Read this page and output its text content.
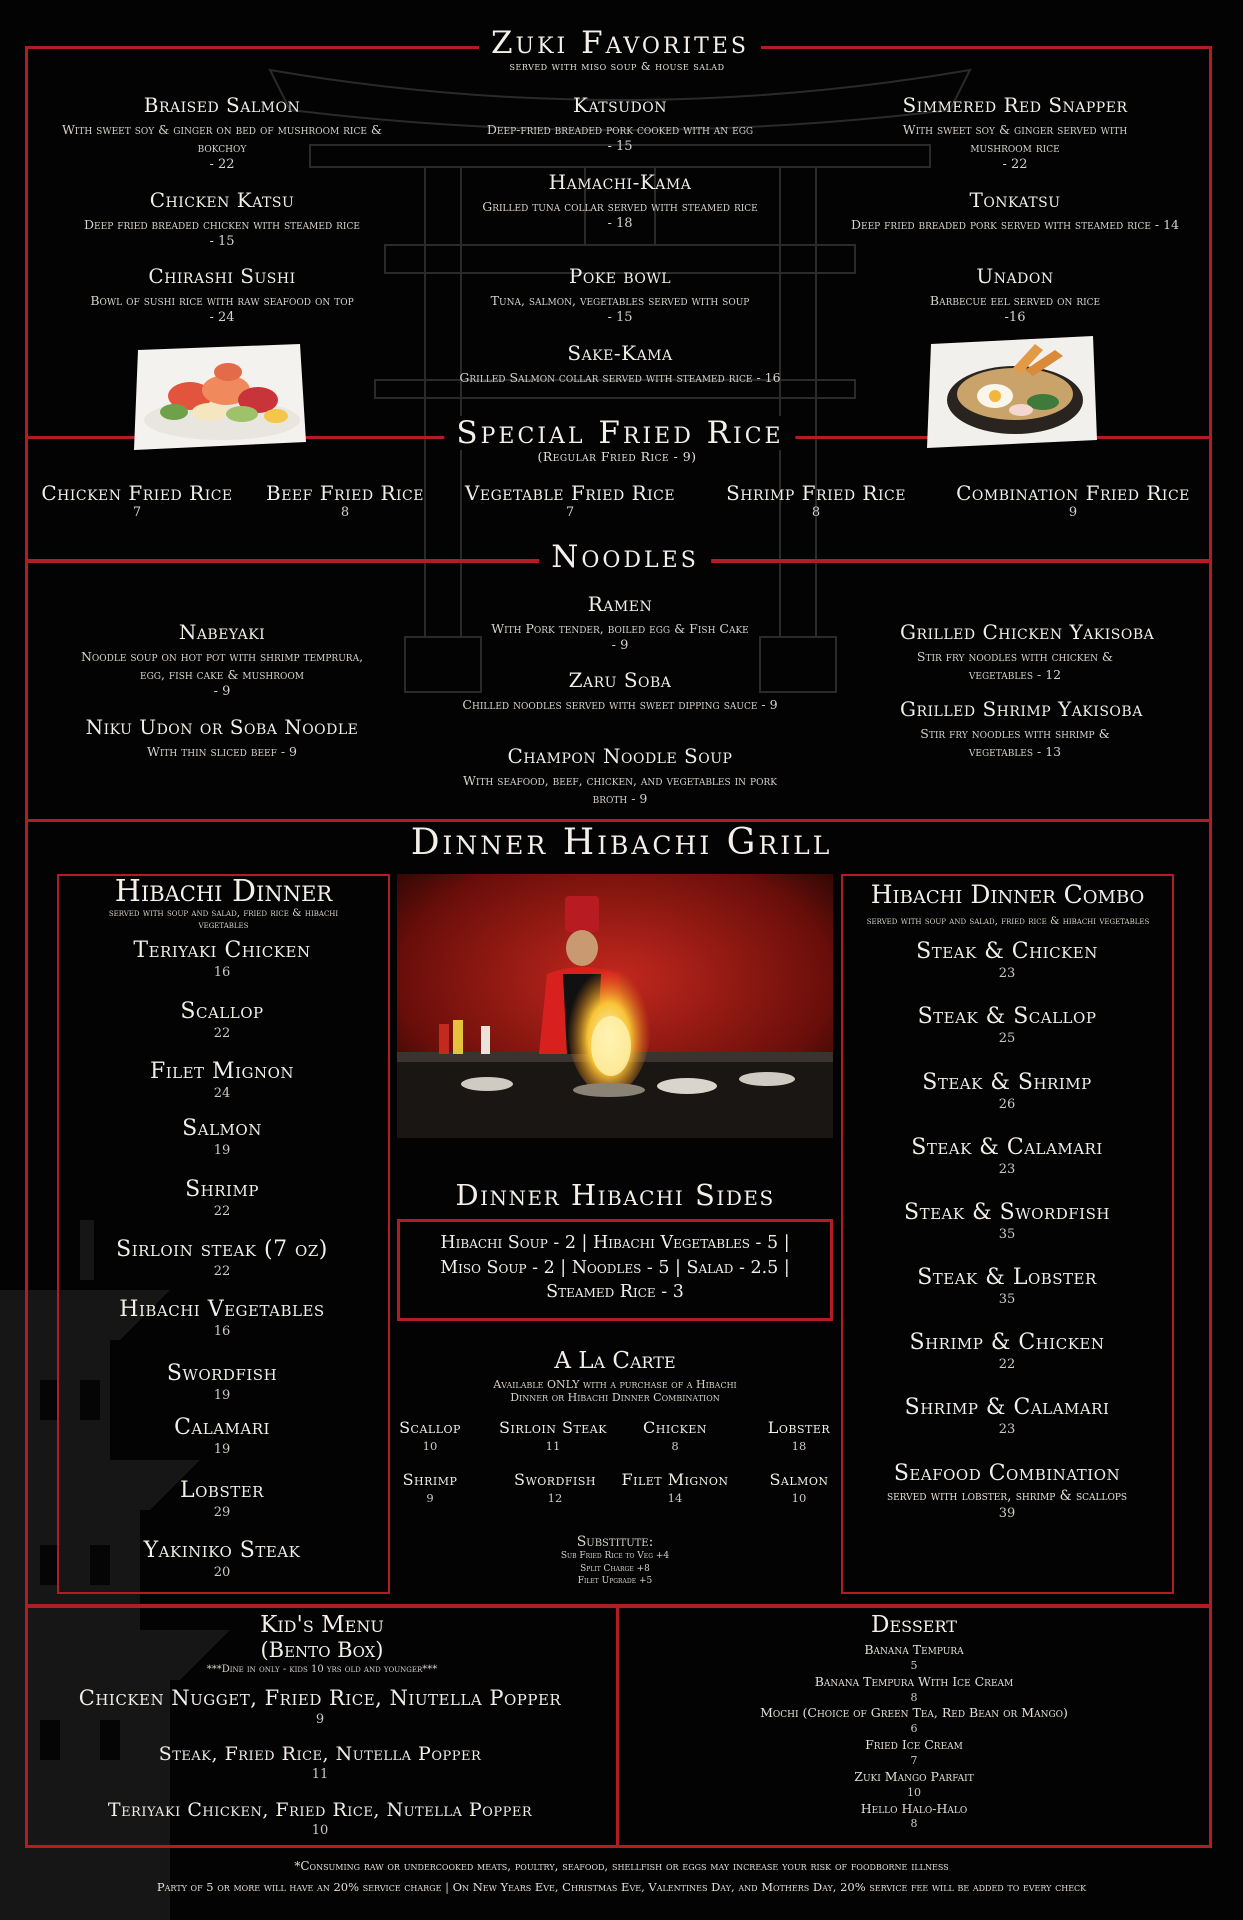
Zuki Favorites
served with miso soup & house salad
Braised Salmon
With sweet soy & ginger on bed of mushroom rice & bokchoy
- 22
Katsudon
Deep-fried breaded pork cooked with an egg
- 15
Simmered Red Snapper
With sweet soy & ginger served with mushroom rice
- 22
Hamachi-Kama
Grilled tuna collar served with steamed rice
- 18
Chicken Katsu
Deep fried breaded chicken with steamed rice
- 15
Tonkatsu
Deep fried breaded pork served with steamed rice - 14
Chirashi Sushi
Bowl of sushi rice with raw seafood on top
- 24
Poke bowl
Tuna, salmon, vegetables served with soup
- 15
Unadon
Barbecue eel served on rice
-16
Sake-Kama
Grilled Salmon collar served with steamed rice - 16
Special Fried Rice
(Regular Fried Rice - 9)
Chicken Fried Rice
7
Beef Fried Rice
8
Vegetable Fried Rice
7
Shrimp Fried Rice
8
Combination Fried Rice
9
Noodles
Ramen
With Pork tender, boiled egg & Fish Cake
- 9
Nabeyaki
Noodle soup on hot pot with shrimp temprura, egg, fish cake & mushroom
- 9
Grilled Chicken Yakisoba
Stir fry noodles with chicken & vegetables - 12
Zaru Soba
Chilled noodles served with sweet dipping sauce - 9
Niku Udon or Soba Noodle
With thin sliced beef - 9
Grilled Shrimp Yakisoba
Stir fry noodles with shrimp & vegetables - 13
Champon Noodle Soup
With seafood, beef, chicken, and vegetables in pork broth - 9
Dinner Hibachi Grill
Hibachi Dinner
served with soup and salad, fried rice & hibachi vegetables
Teriyaki Chicken
16
Scallop
22
Filet Mignon
24
Salmon
19
Shrimp
22
Sirloin steak (7 oz)
22
Hibachi Vegetables
16
Swordfish
19
Calamari
19
Lobster
29
Yakiniko Steak
20
Dinner Hibachi Sides
Hibachi Soup - 2 | Hibachi Vegetables - 5 |
Miso Soup - 2 | Noodles - 5 | Salad - 2.5 |
Steamed Rice - 3
A La Carte
Available ONLY with a purchase of a Hibachi
Dinner or Hibachi Dinner Combination
Scallop
10
Sirloin Steak
11
Chicken
8
Lobster
18
Shrimp
9
Swordfish
12
Filet Mignon
14
Salmon
10
Substitute:
Sub Fried Rice to Veg +4
Split Charge +8
Filet Upgrade +5
Hibachi Dinner Combo
served with soup and salad, fried rice & hibachi vegetables
Steak & Chicken
23
Steak & Scallop
25
Steak & Shrimp
26
Steak & Calamari
23
Steak & Swordfish
35
Steak & Lobster
35
Shrimp & Chicken
22
Shrimp & Calamari
23
Seafood Combination
served with lobster, shrimp & scallops
39
Kid's Menu
(Bento Box)
***Dine in only - kids 10 yrs old and younger***
Chicken Nugget, Fried Rice, Niutella Popper
9
Steak, Fried Rice, Nutella Popper
11
Teriyaki Chicken, Fried Rice, Nutella Popper
10
Dessert
Banana Tempura
5
Banana Tempura With Ice Cream
8
Mochi (Choice of Green Tea, Red Bean or Mango)
6
Fried Ice Cream
7
Zuki Mango Parfait
10
Hello Halo-Halo
8
*Consuming raw or undercooked meats, poultry, seafood, shellfish or eggs may increase your risk of foodborne illness
Party of 5 or more will have an 20% service charge | On New Years Eve, Christmas Eve, Valentines Day, and Mothers Day, 20% service fee will be added to every check
